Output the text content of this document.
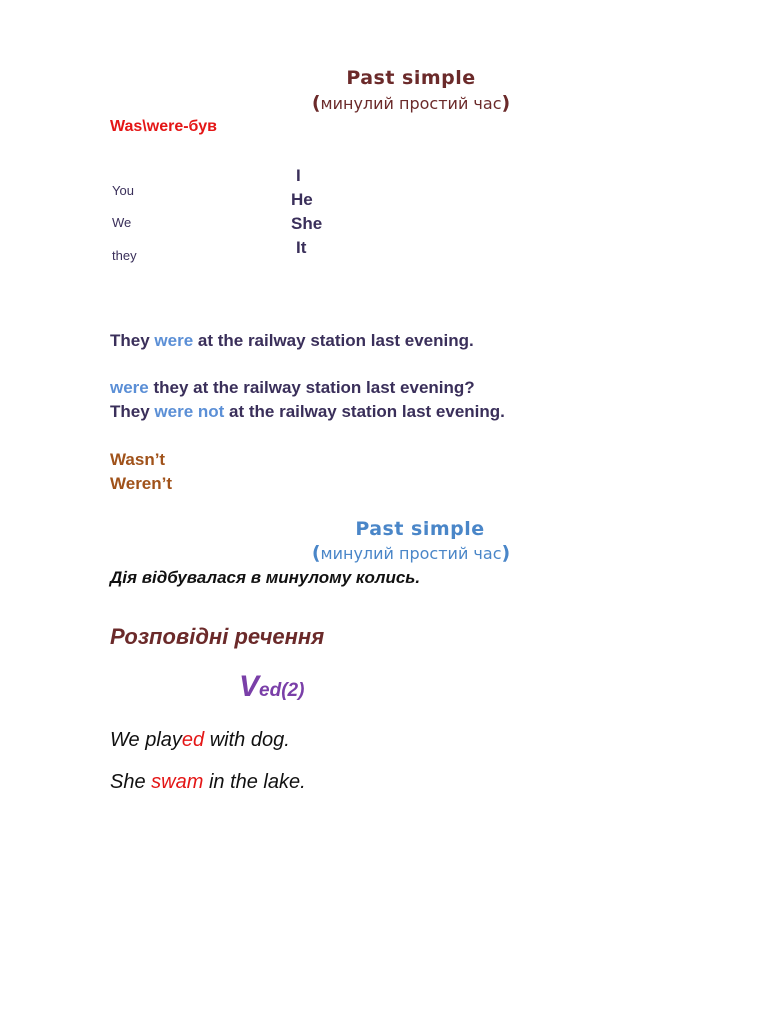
Past simple
(минулий простий час)
Was\were-був
You
We
they
I
He
She
It
They were at the railway station last evening.
were they at the railway station last evening?
They were not at the railway station last evening.
Wasn’t
Weren’t
Past simple
(минулий простий час)
Дія відбувалася в минулому колись.
Розповідні речення
Ved(2)
We played with dog.
She swam in the lake.
